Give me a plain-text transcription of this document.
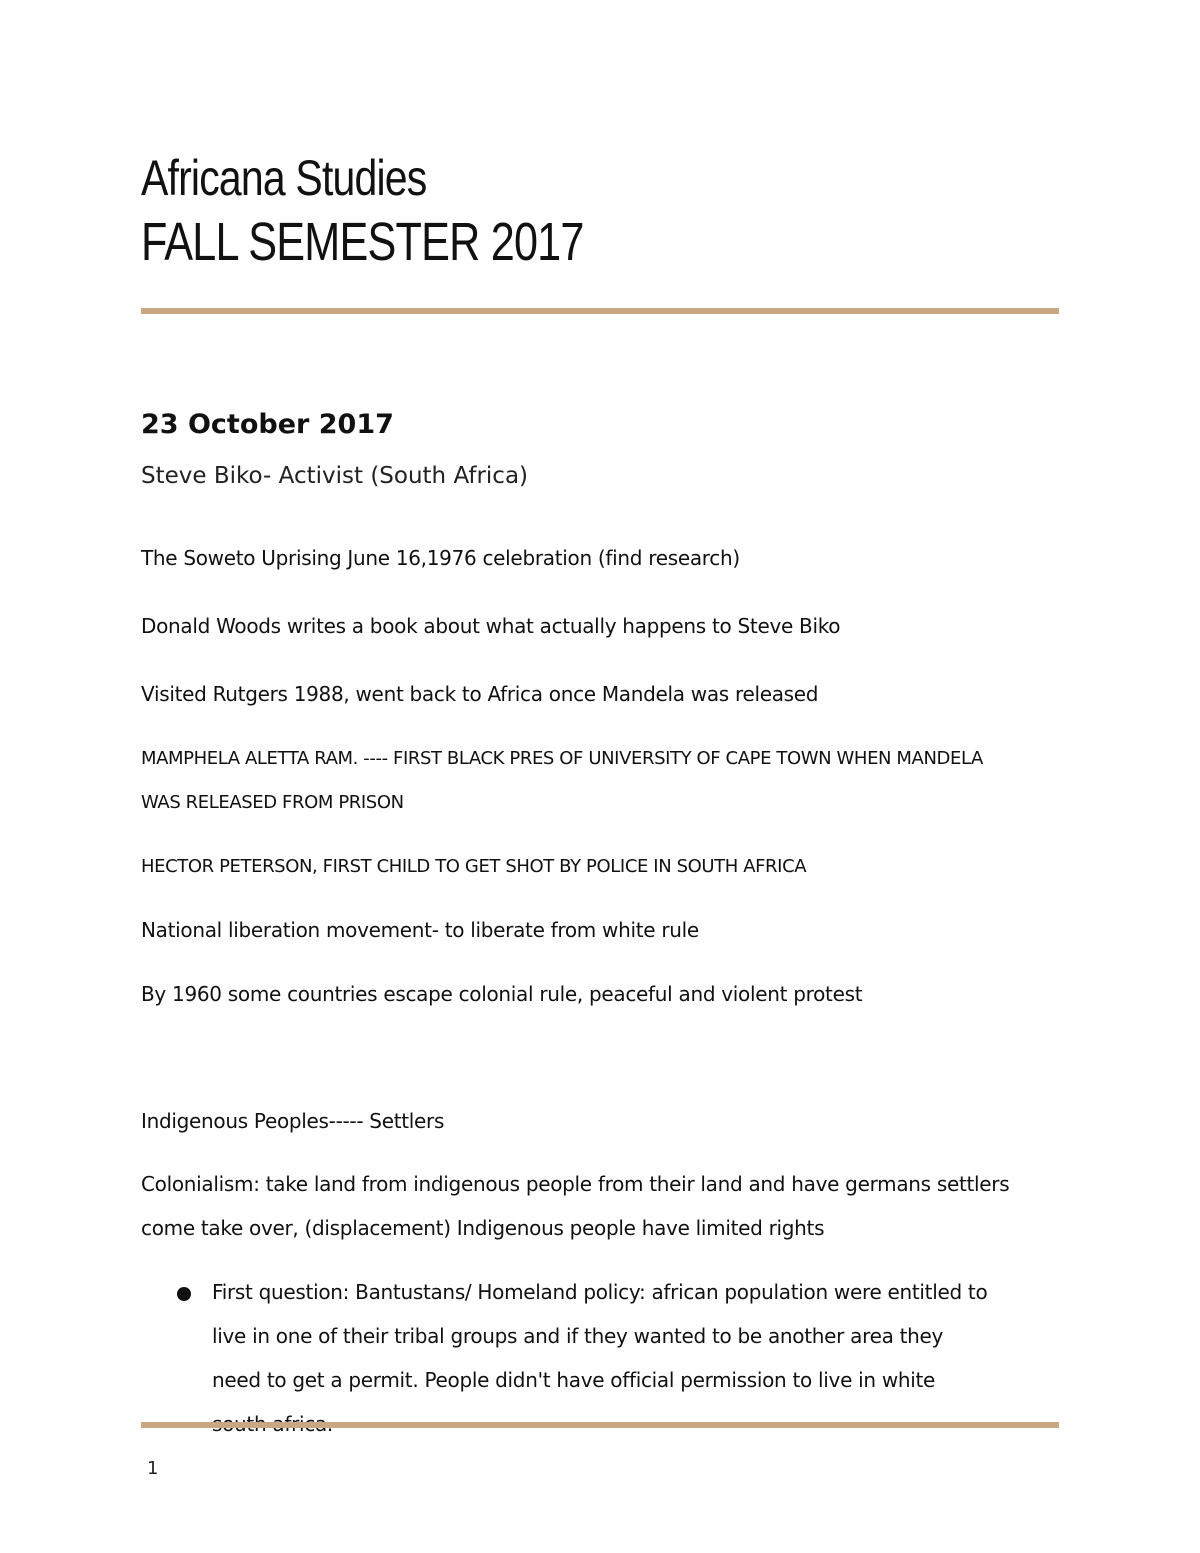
Africana Studies
FALL SEMESTER 2017
23 October 2017
Steve Biko- Activist (South Africa)

The Soweto Uprising June 16,1976 celebration (find research)

Donald Woods writes a book about what actually happens to Steve Biko

Visited Rutgers 1988, went back to Africa once Mandela was released

MAMPHELA ALETTA RAM. ---- FIRST BLACK PRES OF UNIVERSITY OF CAPE TOWN WHEN MANDELA WAS RELEASED FROM PRISON

HECTOR PETERSON, FIRST CHILD TO GET SHOT BY POLICE IN SOUTH AFRICA

National liberation movement- to liberate from white rule

By 1960 some countries escape colonial rule, peaceful and violent protest

Indigenous Peoples----- Settlers

Colonialism: take land from indigenous people from their land and have germans settlers come take over, (displacement) Indigenous people have limited rights

First question: Bantustans/ Homeland policy: african population were entitled to live in one of their tribal groups and if they wanted to be another area they need to get a permit. People didn't have official permission to live in white
1
